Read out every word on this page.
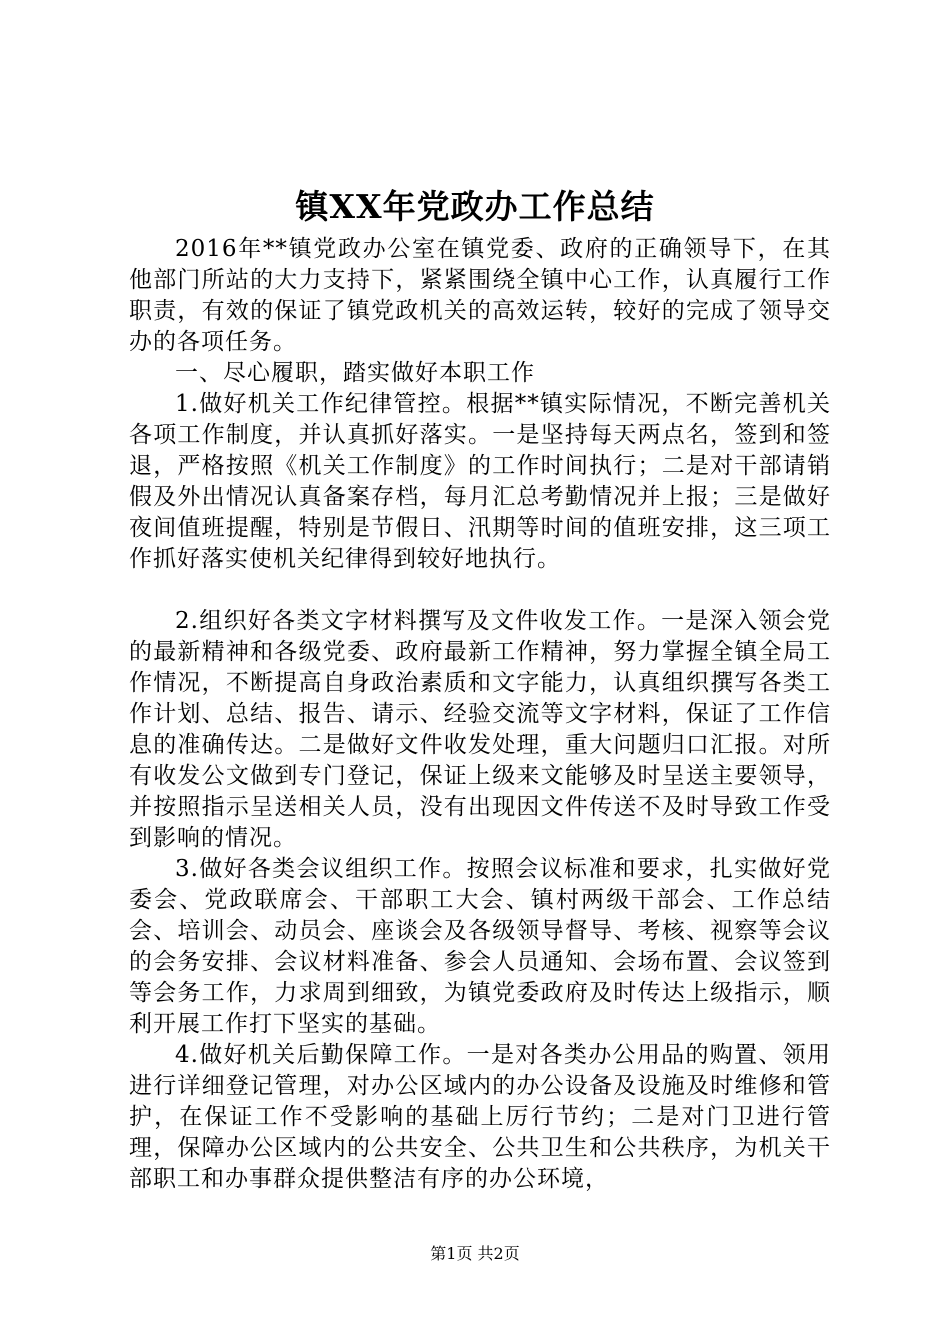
镇XX年党政办工作总结

2016年**镇党政办公室在镇党委、政府的正确领导下，在其他部门所站的大力支持下，紧紧围绕全镇中心工作，认真履行工作职责，有效的保证了镇党政机关的高效运转，较好的完成了领导交办的各项任务。

一、尽心履职，踏实做好本职工作

1.做好机关工作纪律管控。根据**镇实际情况，不断完善机关各项工作制度，并认真抓好落实。一是坚持每天两点名，签到和签退，严格按照《机关工作制度》的工作时间执行；二是对干部请销假及外出情况认真备案存档，每月汇总考勤情况并上报；三是做好夜间值班提醒，特别是节假日、汛期等时间的值班安排，这三项工作抓好落实使机关纪律得到较好地执行。

2.组织好各类文字材料撰写及文件收发工作。一是深入领会党的最新精神和各级党委、政府最新工作精神，努力掌握全镇全局工作情况，不断提高自身政治素质和文字能力，认真组织撰写各类工作计划、总结、报告、请示、经验交流等文字材料，保证了工作信息的准确传达。二是做好文件收发处理，重大问题归口汇报。对所有收发公文做到专门登记，保证上级来文能够及时呈送主要领导，并按照指示呈送相关人员，没有出现因文件传送不及时导致工作受到影响的情况。

3.做好各类会议组织工作。按照会议标准和要求，扎实做好党委会、党政联席会、干部职工大会、镇村两级干部会、工作总结会、培训会、动员会、座谈会及各级领导督导、考核、视察等会议的会务安排、会议材料准备、参会人员通知、会场布置、会议签到等会务工作，力求周到细致，为镇党委政府及时传达上级指示，顺利开展工作打下坚实的基础。

4.做好机关后勤保障工作。一是对各类办公用品的购置、领用进行详细登记管理，对办公区域内的办公设备及设施及时维修和管护，在保证工作不受影响的基础上厉行节约；二是对门卫进行管理，保障办公区域内的公共安全、公共卫生和公共秩序，为机关干部职工和办事群众提供整洁有序的办公环境，

第1页 共2页
